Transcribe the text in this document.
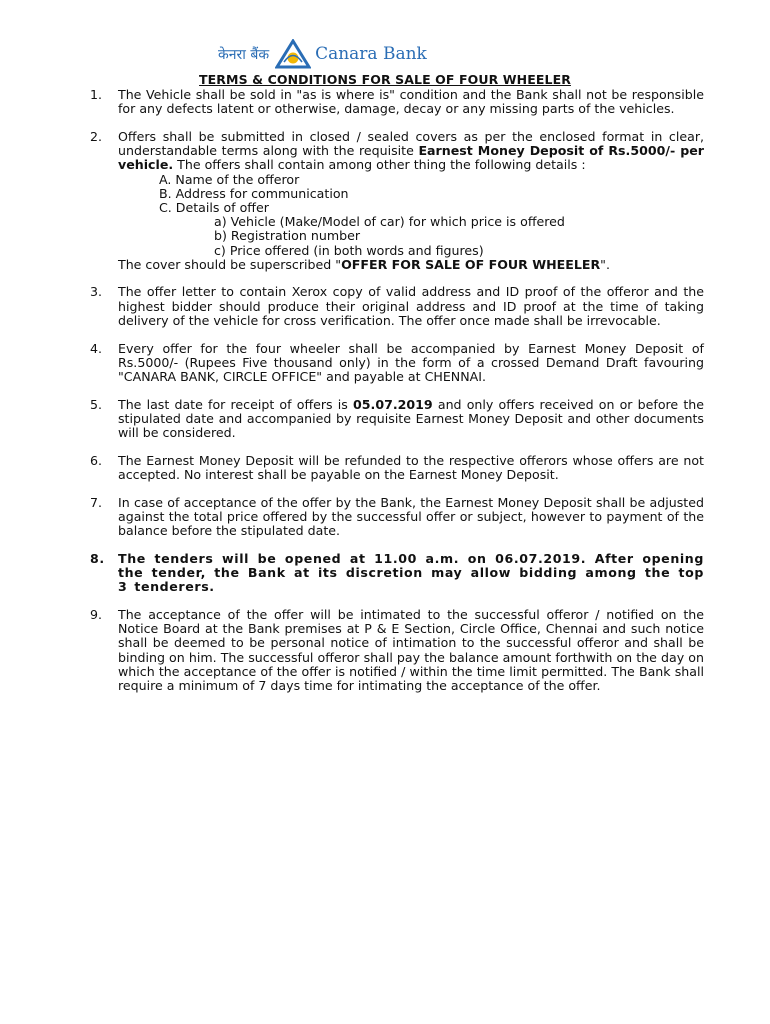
केनरा बैंक	Canara Bank
TERMS & CONDITIONS FOR SALE OF FOUR WHEELER
1. The Vehicle shall be sold in "as is where is" condition and the Bank shall not be responsible for any defects latent or otherwise, damage, decay or any missing parts of the vehicles.
2. Offers shall be submitted in closed / sealed covers as per the enclosed format in clear, understandable terms along with the requisite Earnest Money Deposit of Rs.5000/- per vehicle. The offers shall contain among other thing the following details :
A. Name of the offeror
B. Address for communication
C. Details of offer
a) Vehicle (Make/Model of car) for which price is offered
b) Registration number
c) Price offered (in both words and figures)
The cover should be superscribed "OFFER FOR SALE OF FOUR WHEELER".
3. The offer letter to contain Xerox copy of valid address and ID proof of the offeror and the highest bidder should produce their original address and ID proof at the time of taking delivery of the vehicle for cross verification. The offer once made shall be irrevocable.
4. Every offer for the four wheeler shall be accompanied by Earnest Money Deposit of Rs.5000/- (Rupees Five thousand only) in the form of a crossed Demand Draft favouring "CANARA BANK, CIRCLE OFFICE" and payable at CHENNAI.
5. The last date for receipt of offers is 05.07.2019 and only offers received on or before the stipulated date and accompanied by requisite Earnest Money Deposit and other documents will be considered.
6. The Earnest Money Deposit will be refunded to the respective offerors whose offers are not accepted. No interest shall be payable on the Earnest Money Deposit.
7. In case of acceptance of the offer by the Bank, the Earnest Money Deposit shall be adjusted against the total price offered by the successful offer or subject, however to payment of the balance before the stipulated date.
8. The tenders will be opened at 11.00 a.m. on 06.07.2019. After opening the tender, the Bank at its discretion may allow bidding among the top 3 tenderers.
9. The acceptance of the offer will be intimated to the successful offeror / notified on the Notice Board at the Bank premises at P & E Section, Circle Office, Chennai and such notice shall be deemed to be personal notice of intimation to the successful offeror and shall be binding on him. The successful offeror shall pay the balance amount forthwith on the day on which the acceptance of the offer is notified / within the time limit permitted. The Bank shall require a minimum of 7 days time for intimating the acceptance of the offer.
